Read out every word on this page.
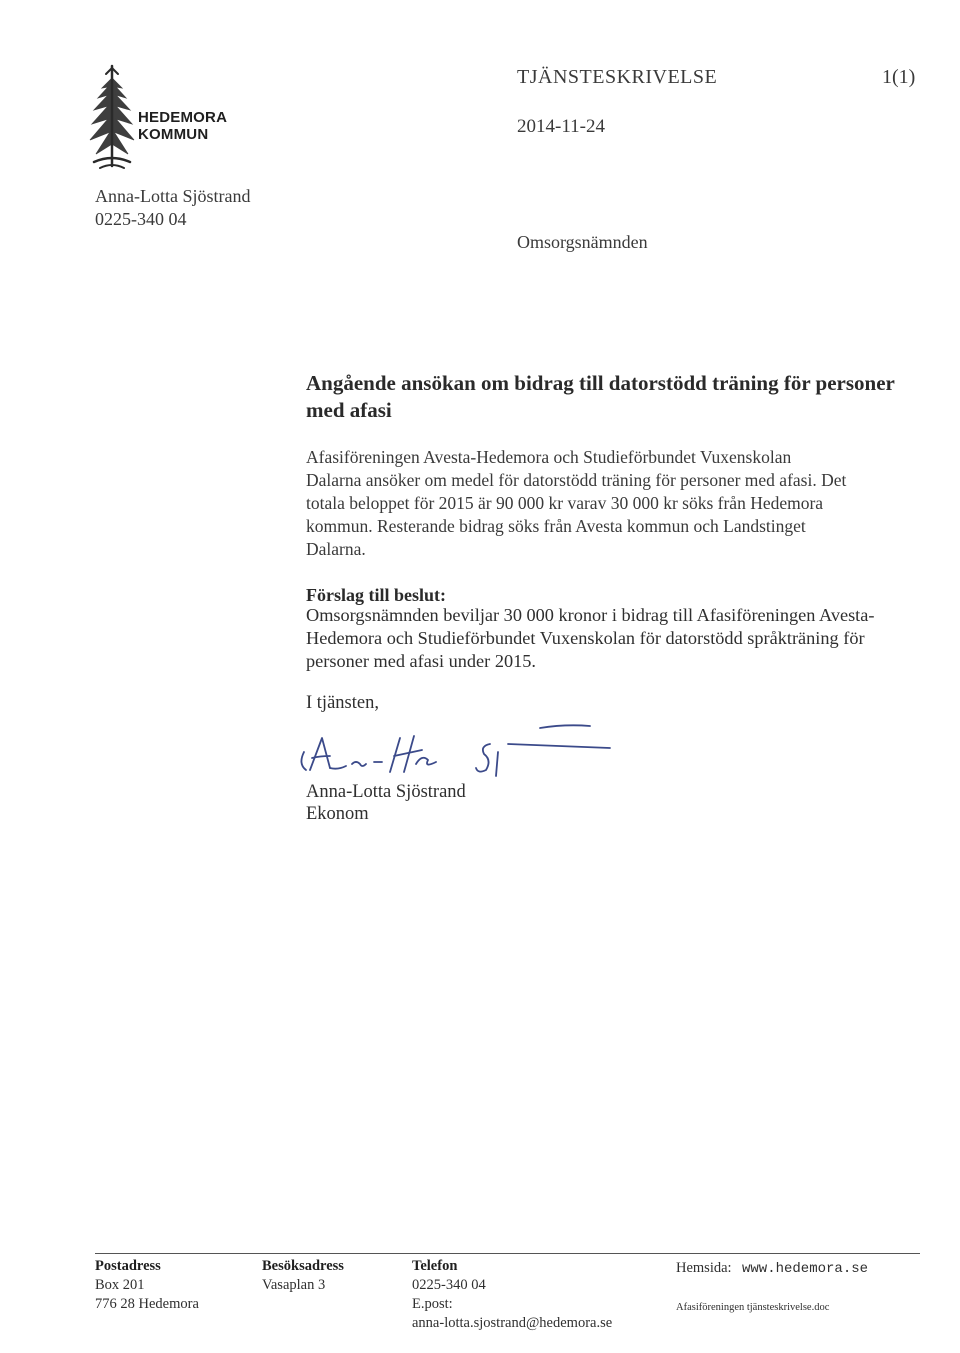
HEDEMORA
KOMMUN
TJÄNSTESKRIVELSE	1(1)
2014-11-24
Anna-Lotta Sjöstrand
0225-340 04
Omsorgsnämnden
Angående ansökan om bidrag till datorstödd träning för personer med afasi
Afasiföreningen Avesta-Hedemora och Studieförbundet Vuxenskolan
Dalarna ansöker om medel för datorstödd träning för personer med afasi. Det
totala beloppet för 2015 är 90 000 kr varav 30 000 kr söks från Hedemora
kommun. Resterande bidrag söks från Avesta kommun och Landstinget
Dalarna.
Förslag till beslut:
Omsorgsnämnden beviljar 30 000 kronor i bidrag till Afasiföreningen Avesta-
Hedemora och Studieförbundet Vuxenskolan för datorstödd språkträning för
personer med afasi under 2015.
I tjänsten,
Anna-Lotta Sjöstrand
Ekonom
Postadress
Box 201
776 28 Hedemora
Besöksadress
Vasaplan 3
Telefon
0225-340 04
E.post:
anna-lotta.sjostrand@hedemora.se
Hemsida: www.hedemora.se
Afasiföreningen tjänsteskrivelse.doc
